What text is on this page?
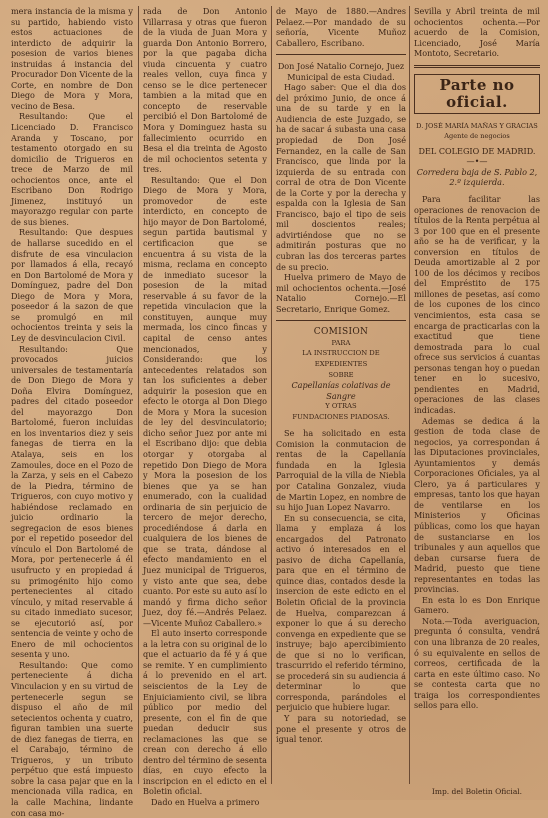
mera instancia de la misma y su partido, habiendo visto estos actuaciones de interdicto de adquirir la posesion de varios bienes instruidas á instancia del Procurador Don Vicente de la Corte, en nombre de Don Diego de Mora y Mora, vecino de Besa.

Resultando: Que el Licenciado D. Francisco Aranda y Toscano, por testamento otorgado en su domicilio de Trigueros en trece de Marzo de mil ochocientos once, ante el Escribano Don Rodrigo Jimenez, instituyó un mayorazgo regular con parte de sus bienes.

Resultando: Que despues de hallarse sucedido en el disfrute de esa vinculacion por llamados á ella, recayó en Don Bartolomé de Mora y Domínguez, padre del Don Diego de Mora y Mora, poseedor á la sazon de que se promulgó en mil ochocientos treinta y seis la Ley de desvinculacion Civil.

Resultando: Que provocados juicios universales de testamentaría de Don Diego de Mora y Doña Elvira Domínguez, padres del citado poseedor del mayorazgo Don Bartolomé, fueron incluidas en los inventarios diez y seis fanegas de tierra en la Atalaya, seis en los Zamoules, doce en el Pozo de la Zarza, y seis en el Cabezo de la Piedra, término de Trigueros, con cuyo motivo y habiéndose reclamado en juicio ordinario la segregacion de esos bienes por el repetido poseedor del vínculo el Don Bartolomé de Mora, por pertenecerle á él usufructo y en propiedad á su primogénito hijo como pertenecientes al citado vínculo, y mitad reservable á su citado inmediato sucesor, se ejecutorió así, por sentencia de veinte y ocho de Enero de mil ochocientos sesenta y uno.

Resultando: Que como perteneciente á dicha Vinculacion y en su virtud de pertenecerle segun se dispuso el año de mil setecientos ochenta y cuatro, figuran tambien una suerte de diez fanegas de tierra, en el Carabajo, término de Trigueros, y un tributo perpétuo que está impuesto sobre la casa pajar que en la mencionada villa radica, en la calle Machina, lindante con casa mo-

rada de Don Antonio Villarrasa y otras que fueron de la viuda de Juan Mora y guarda Don Antonio Borrero, por la que pagaba dicha viuda cincuenta y cuatro reales vellon, cuya finca y censo se le dice pertenecer tambien a la mitad que en concepto de reservable percibió el Don Bartolomé de Mora y Dominguez hasta su fallecimiento ocurrido en Besa el dia treinta de Agosto de mil ochocientos setenta y tres.

Resultando: Que el Don Diego de Mora y Mora, promovedor de este interdicto, en concepto de hijo mayor de Don Bartolomé, segun partida bautismal y certificacion que se encuentra á su vista de la misma, reclama en concepto de inmediato sucesor la posesion de la mitad reservable á su favor de la repetida vinculacion que la constituyen, aunque muy mermada, los cinco fincas y capital de censo antes mencionados, y Considerando: que los antecedentes relatados son tan los suficientes a deber adquirir la posesion que en efecto le otorga al Don Diego de Mora y Mora la sucesion de ley del desvinculatorio; dicho señor Juez por ante mi el Escribano dijo: que debia otorgar y otorgaba al repetido Don Diego de Mora y Mora la posesion de los bienes que ya se han enumerado, con la cualidad ordinaria de sin perjuicio de tercero de mejor derecho, procediéndose á darla en cualquiera de los bienes de que se trata, dándose al efecto mandamiento en el Juez municipal de Trigueros, y visto ante que sea, debe cuanto. Por este su auto así lo mandó y firma dicho señor Juez, doy fé.—Andrés Pelaez.—Vicente Muñoz Caballero.»

El auto inserto corresponde a la letra con su original de lo que el actuario da fé y á que se remite. Y en cumplimiento á lo prevenido en el art. seiscientos de la Ley de Enjuiciamiento civil, se libra público por medio del presente, con el fin de que puedan deducir sus reclamaciones las que se crean con derecho á ello dentro del término de sesenta días, en cuyo efecto la inscripcion en el edicto en el Boletin oficial.

Dado en Huelva a primero

de Mayo de 1880.—Andres Pelaez.—Por mandado de su señoría, Vicente Muñoz Caballero, Escribano.

Don José Natalio Cornejo, Juez Municipal de esta Ciudad.

Hago saber: Que el dia dos del próximo Junio, de once á una de su tarde y en la Audiencia de este Juzgado, se ha de sacar á subasta una casa propiedad de Don José Fernandez, en la calle de San Francisco, que linda por la izquierda de su entrada con corral de otra de Don Vicente de la Corte y por la derecha y espalda con la Iglesia de San Francisco, bajo el tipo de seis mil doscientos reales; advirtiéndose que no se admitirán posturas que no cubran las dos terceras partes de su precio.

Huelva primero de Mayo de mil ochocientos ochenta.—José Natalio Cornejo.—El Secretario, Enrique Gomez.

COMISION

PARA

LA INSTRUCCION DE EXPEDIENTES

SOBRE

Capellanías colativas de Sangre

Y OTRAS

FUNDACIONES PIADOSAS.

Se ha solicitado en esta Comision la conmutacion de rentas de la Capellanía fundada en la Iglesia Parroquial de la villa de Niebla por Catalina Gonzalez, viuda de Martin Lopez, en nombre de su hijo Juan Lopez Navarro.

En su consecuencia, se cita, llama y emplaza á los encargados del Patronato activo ó interesados en el pasivo de dicha Capellanía, para que en el término de quince dias, contados desde la insercion de este edicto en el Boletin Oficial de la provincia de Huelva, comparezcan á exponer lo que á su derecho convenga en expediente que se instruye; bajo apercibimiento de que si no lo verifican, trascurrido el referido término, se procederá sin su audiencia á determinar lo que corresponda, parándoles el perjuicio que hubiere lugar.

Y para su notoriedad, se pone el presente y otros de igual tenor.

Sevilla y Abril treinta de mil ochocientos ochenta.—Por acuerdo de la Comision, Licenciado, José María Montoto, Secretario.

Parte no oficial.

D. JOSÉ MARÍA MAÑAS Y GRACIAS

Agente de negocios

DEL COLEGIO DE MADRID.

—•—

Corredera baja de S. Pablo 2, 2.º izquierda.

Para facilitar las operaciones de renovacion de títulos de la Renta perpétua al 3 por 100 que en el presente año se ha de verificar, y la conversion en títulos de Deuda amortizable al 2 por 100 de los décimos y recibos del Empréstito de 175 millones de pesetas, así como de los cupones de los cinco vencimientos, esta casa se encarga de practicarlas con la exactitud que tiene demostrada para lo cual ofrece sus servicios á cuantas personas tengan hoy o puedan tener en lo sucesivo, pendientes en Madrid, operaciones de las clases indicadas.

Ademas se dedica á la gestion de toda clase de negocios, ya correspondan á las Diputaciones provinciales, Ayuntamientos y demás Corporaciones Oficiales, ya al Clero, ya á particulares y empresas, tanto los que hayan de ventilarse en los Ministerios y Oficinas públicas, como los que hayan de sustanciarse en los tribunales y aun aquellos que deban cursarse fuera de Madrid, puesto que tiene representantes en todas las provincias.

En esta lo es Don Enrique Gamero.

Nota.—Toda averiguacion, pregunta ó consulta, vendrá con una libranza de 20 reales, ó su equivalente en sellos de correos, certificada de la carta en este último caso. No se contesta carta que no traiga los correspondientes sellos para ello.

Imp. del Boletin Oficial.
